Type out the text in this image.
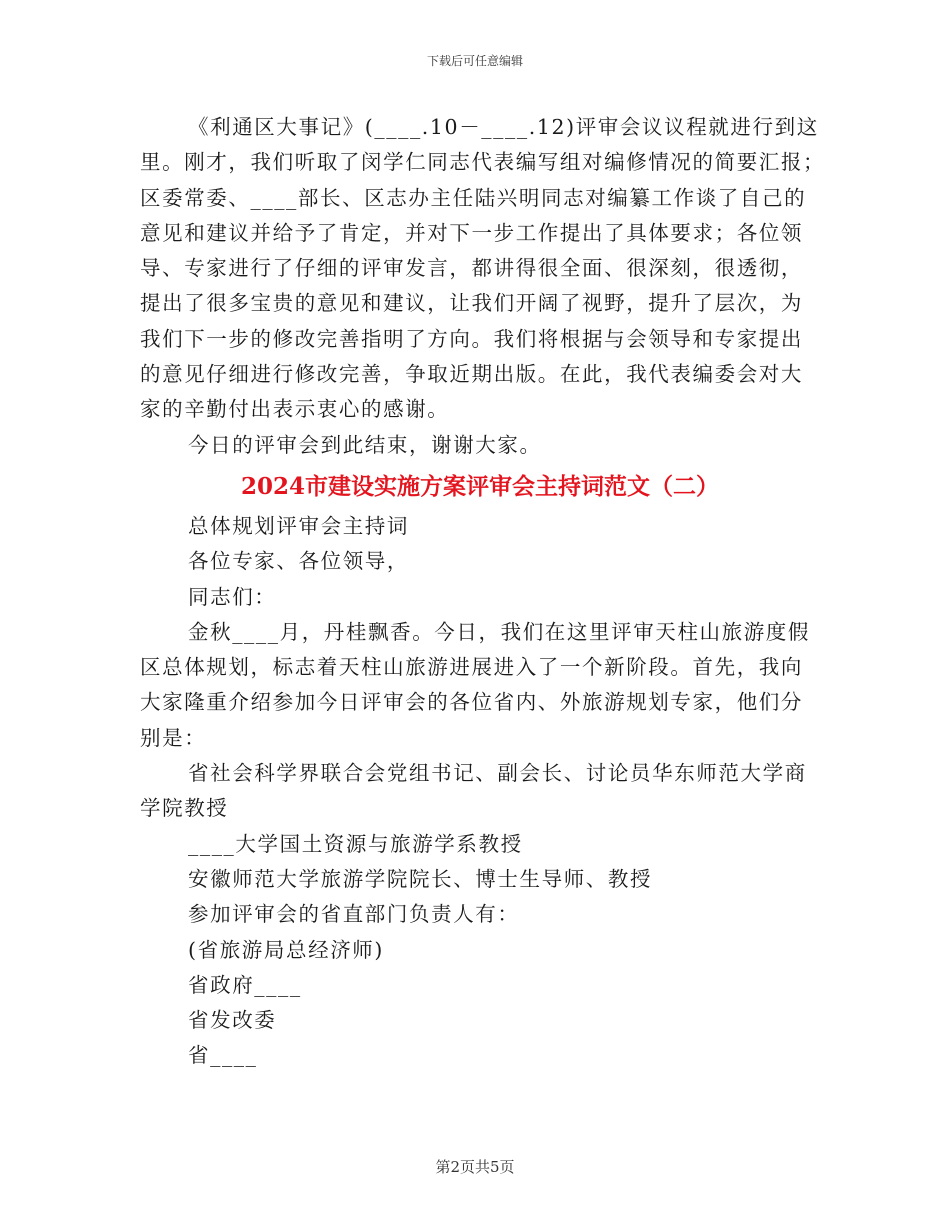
下载后可任意编辑

《利通区大事记》(____.10－____.12)评审会议议程就进行到这

里。刚才，我们听取了闵学仁同志代表编写组对编修情况的简要汇报；

区委常委、____部长、区志办主任陆兴明同志对编纂工作谈了自己的

意见和建议并给予了肯定，并对下一步工作提出了具体要求；各位领

导、专家进行了仔细的评审发言，都讲得很全面、很深刻，很透彻，

提出了很多宝贵的意见和建议，让我们开阔了视野，提升了层次，为

我们下一步的修改完善指明了方向。我们将根据与会领导和专家提出

的意见仔细进行修改完善，争取近期出版。在此，我代表编委会对大

家的辛勤付出表示衷心的感谢。

今日的评审会到此结束，谢谢大家。

2024市建设实施方案评审会主持词范文（二）

总体规划评审会主持词

各位专家、各位领导，

同志们：

金秋____月，丹桂飘香。今日，我们在这里评审天柱山旅游度假

区总体规划，标志着天柱山旅游进展进入了一个新阶段。首先，我向

大家隆重介绍参加今日评审会的各位省内、外旅游规划专家，他们分

别是：

省社会科学界联合会党组书记、副会长、讨论员华东师范大学商

学院教授

____大学国土资源与旅游学系教授

安徽师范大学旅游学院院长、博士生导师、教授

参加评审会的省直部门负责人有：

(省旅游局总经济师)

省政府____

省发改委

省____

第2页共5页
